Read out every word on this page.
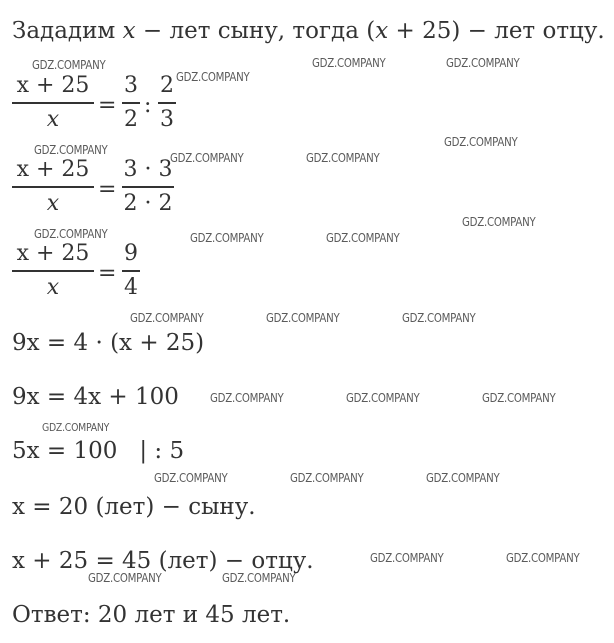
Зададим x − лет сыну, тогда (x + 25) − лет отцу.
x + 25
x
=
3
2
:
2
3
x + 25
x
=
3 · 3
2 · 2
x + 25
x
=
9
4
9x = 4 · (x + 25)
9x = 4x + 100
5x = 100   | : 5
x = 20 (лет) − сыну.
x + 25 = 45 (лет) − отцу.
Ответ: 20 лет и 45 лет.
GDZ.COMPANY
GDZ.COMPANY
GDZ.COMPANY	GDZ.COMPANY
GDZ.COMPANY
GDZ.COMPANY	GDZ.COMPANY
GDZ.COMPANY
GDZ.COMPANY
GDZ.COMPANY	GDZ.COMPANY	GDZ.COMPANY
GDZ.COMPANY	GDZ.COMPANY	GDZ.COMPANY
GDZ.COMPANY	GDZ.COMPANY	GDZ.COMPANY
GDZ.COMPANY
GDZ.COMPANY	GDZ.COMPANY	GDZ.COMPANY
GDZ.COMPANY	GDZ.COMPANY
GDZ.COMPANY	GDZ.COMPANY
